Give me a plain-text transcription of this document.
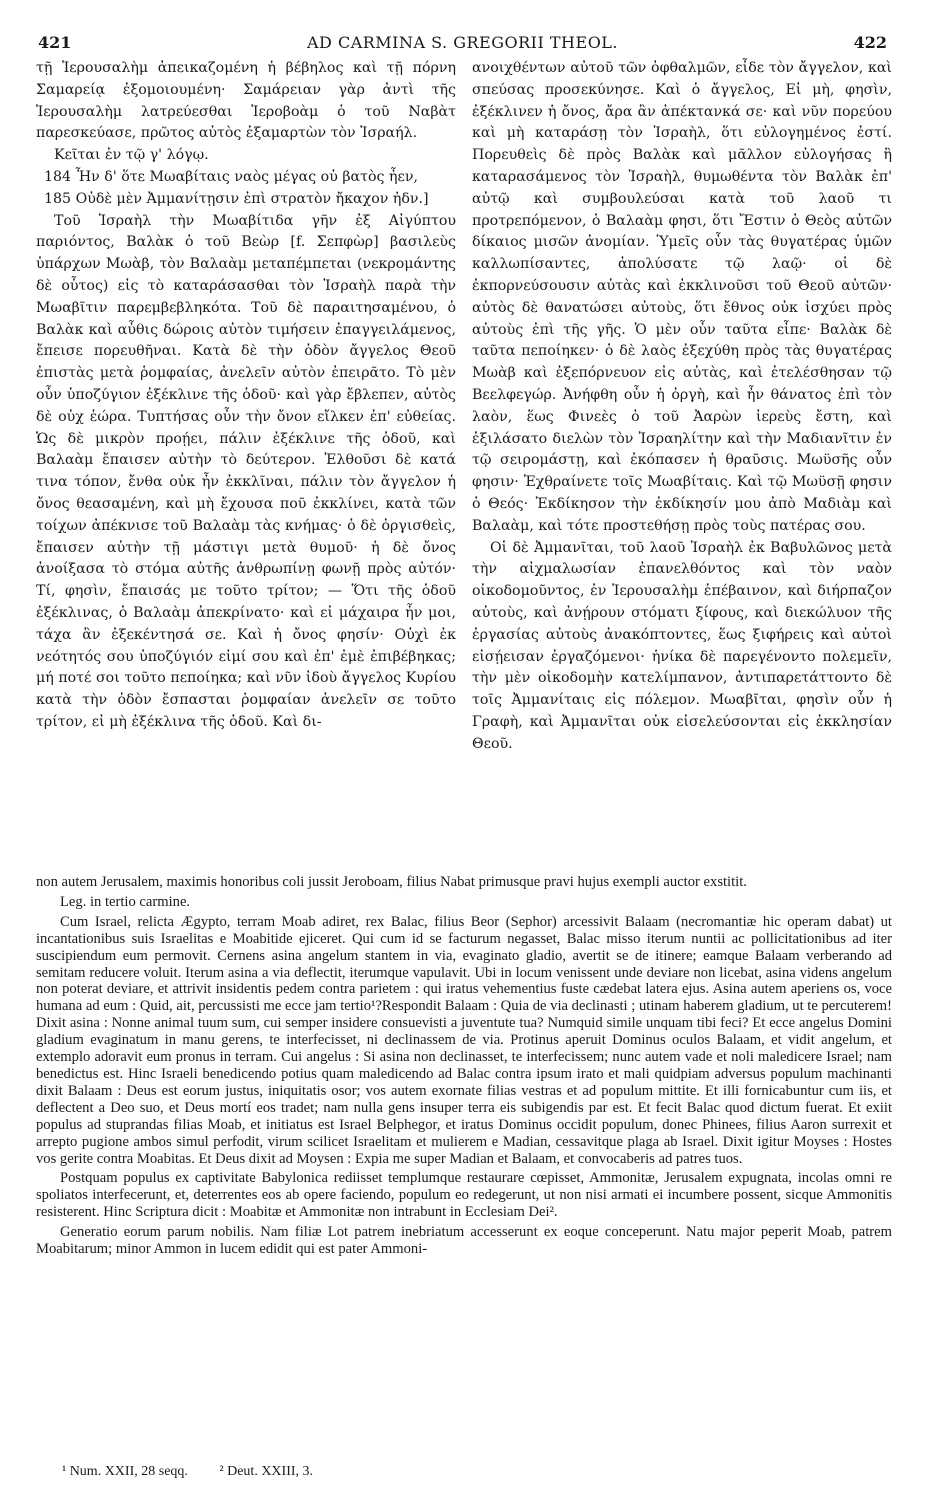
421	AD CARMINA S. GREGORII THEOL.	422

τῇ Ἱερουσαλὴμ ἀπεικαζομένη ἡ βέβηλος καὶ τῇ πόρνη Σαμαρείᾳ ἐξομοιουμένη· Σαμάρειαν γὰρ ἀντὶ τῆς Ἱερουσαλὴμ λατρεύεσθαι Ἱεροβοὰμ ὁ τοῦ Ναβὰτ παρεσκεύασε, πρῶτος αὐτὸς ἐξαμαρτὼν τὸν Ἰσραήλ.

Κεῖται ἐν τῷ γ' λόγῳ.

184 Ἦν δ' ὅτε Μωαβίταις ναὸς μέγας οὐ βατὸς ἦεν,

185 Οὐδὲ μὲν Ἀμμανίτῃσιν ἐπὶ στρατὸν ἤκαχον ἠδν.]

Τοῦ Ἰσραὴλ τὴν Μωαβίτιδα γῆν ἐξ Αἰγύπτου παριόντος, Βαλὰκ ὁ τοῦ Βεὼρ [f. Σεπφὼρ] βασιλεὺς ὑπάρχων Μωὰβ, τὸν Βαλαὰμ μεταπέμπεται (νεκρομάντης δὲ οὗτος) εἰς τὸ καταράσασθαι τὸν Ἰσραὴλ παρὰ τὴν Μωαβῖτιν παρεμβεβληκότα. Τοῦ δὲ παραιτησαμένου, ὁ Βαλὰκ καὶ αὖθις δώροις αὐτὸν τιμήσειν ἐπαγγειλάμενος, ἔπεισε πορευθῆναι. Κατὰ δὲ τὴν ὁδὸν ἄγγελος Θεοῦ ἐπιστὰς μετὰ ῥομφαίας, ἀνελεῖν αὐτὸν ἐπειρᾶτο. Τὸ μὲν οὖν ὑποζύγιον ἐξέκλινε τῆς ὁδοῦ· καὶ γὰρ ἔβλεπεν, αὐτὸς δὲ οὐχ ἑώρα. Τυπτήσας οὖν τὴν ὄνον εἴλκεν ἐπ' εὐθείας. Ὡς δὲ μικρὸν προῄει, πάλιν ἐξέκλινε τῆς ὁδοῦ, καὶ Βαλαὰμ ἔπαισεν αὐτὴν τὸ δεύτερον. Ἐλθοῦσι δὲ κατά τινα τόπον, ἔνθα οὐκ ἦν ἐκκλῖναι, πάλιν τὸν ἄγγελον ἡ ὄνος θεασαμένη, καὶ μὴ ἔχουσα ποῦ ἐκκλίνει, κατὰ τῶν τοίχων ἀπέκνισε τοῦ Βαλαὰμ τὰς κνήμας· ὁ δὲ ὀργισθεὶς, ἔπαισεν αὐτὴν τῇ μάστιγι μετὰ θυμοῦ· ἡ δὲ ὄνος ἀνοίξασα τὸ στόμα αὐτῆς ἀνθρωπίνῃ φωνῇ πρὸς αὐτόν· Τί, φησὶν, ἔπαισάς με τοῦτο τρίτον; — Ὅτι τῆς ὁδοῦ ἐξέκλινας, ὁ Βαλαὰμ ἀπεκρίνατο· καὶ εἰ μάχαιρα ἦν μοι, τάχα ἂν ἐξεκέντησά σε. Καὶ ἡ ὄνος φησίν· Οὐχὶ ἐκ νεότητός σου ὑποζύγιόν εἰμί σου καὶ ἐπ' ἐμὲ ἐπιβέβηκας; μή ποτέ σοι τοῦτο πεποίηκα; καὶ νῦν ἰδοὺ ἄγγελος Κυρίου κατὰ τὴν ὁδὸν ἔσπασται ῥομφαίαν ἀνελεῖν σε τοῦτο τρίτον, εἰ μὴ ἐξέκλινα τῆς ὁδοῦ. Καὶ δι-

ανοιχθέντων αὐτοῦ τῶν ὀφθαλμῶν, εἶδε τὸν ἄγγελον, καὶ σπεύσας προσεκύνησε. Καὶ ὁ ἄγγελος, Εἰ μὴ, φησὶν, ἐξέκλινεν ἡ ὄνος, ἄρα ἂν ἀπέκτανκά σε· καὶ νῦν πορεύου καὶ μὴ καταράσῃ τὸν Ἰσραὴλ, ὅτι εὐλογημένος ἐστί. Πορευθεὶς δὲ πρὸς Βαλὰκ καὶ μᾶλλον εὐλογήσας ἢ καταρασάμενος τὸν Ἰσραὴλ, θυμωθέντα τὸν Βαλὰκ ἐπ' αὐτῷ καὶ συμβουλεύσαι κατὰ τοῦ λαοῦ τι προτρεπόμενον, ὁ Βαλαὰμ φησι, ὅτι Ἔστιν ὁ Θεὸς αὐτῶν δίκαιος μισῶν ἀνομίαν. Ὑμεῖς οὖν τὰς θυγατέρας ὑμῶν καλλωπίσαντες, ἀπολύσατε τῷ λαῷ· οἱ δὲ ἐκπορνεύσουσιν αὐτὰς καὶ ἐκκλινοῦσι τοῦ Θεοῦ αὐτῶν· αὐτὸς δὲ θανατώσει αὐτοὺς, ὅτι ἔθνος οὐκ ἰσχύει πρὸς αὐτοὺς ἐπὶ τῆς γῆς. Ὁ μὲν οὖν ταῦτα εἶπε· Βαλὰκ δὲ ταῦτα πεποίηκεν· ὁ δὲ λαὸς ἐξεχύθη πρὸς τὰς θυγατέρας Μωὰβ καὶ ἐξεπόρνευον εἰς αὐτὰς, καὶ ἐτελέσθησαν τῷ Βεελφεγώρ. Ἀνήφθη οὖν ἡ ὀργὴ, καὶ ἦν θάνατος ἐπὶ τὸν λαὸν, ἕως Φινεὲς ὁ τοῦ Ἀαρὼν ἱερεὺς ἔστη, καὶ ἐξιλάσατο διελὼν τὸν Ἰσραηλίτην καὶ τὴν Μαδιανῖτιν ἐν τῷ σειρομάστῃ, καὶ ἐκόπασεν ἡ θραῦσις. Μωϋσῆς οὖν φησιν· Ἐχθραίνετε τοῖς Μωαβίταις. Καὶ τῷ Μωϋσῇ φησιν ὁ Θεός· Ἐκδίκησον τὴν ἐκδίκησίν μου ἀπὸ Μαδιὰμ καὶ Βαλαὰμ, καὶ τότε προστεθήσῃ πρὸς τοὺς πατέρας σου.

Οἱ δὲ Ἀμμανῖται, τοῦ λαοῦ Ἰσραὴλ ἐκ Βαβυλῶνος μετὰ τὴν αἰχμαλωσίαν ἐπανελθόντος καὶ τὸν ναὸν οἰκοδομοῦντος, ἐν Ἱερουσαλὴμ ἐπέβαινον, καὶ διήρπαζον αὐτοὺς, καὶ ἀνῄρουν στόματι ξίφους, καὶ διεκώλυον τῆς ἐργασίας αὐτοὺς ἀνακόπτοντες, ἕως ξιφήρεις καὶ αὐτοὶ εἰσῄεισαν ἐργαζόμενοι· ἡνίκα δὲ παρεγένοντο πολεμεῖν, τὴν μὲν οἰκοδομὴν κατελίμπανον, ἀντιπαρετάττοντο δὲ τοῖς Ἀμμανίταις εἰς πόλεμον. Μωαβῖται, φησὶν οὖν ἡ Γραφὴ, καὶ Ἀμμανῖται οὐκ εἰσελεύσονται εἰς ἐκκλησίαν Θεοῦ.

non autem Jerusalem, maximis honoribus coli jussit Jeroboam, filius Nabat primusque pravi hujus exempli auctor exstitit.

Leg. in tertio carmine.

Cum Israel, relicta Ægypto, terram Moab adiret, rex Balac, filius Beor (Sephor) arcessivit Balaam (necromantiæ hic operam dabat) ut incantationibus suis Israelitas e Moabitide ejiceret. Qui cum id se facturum negasset, Balac misso iterum nuntii ac pollicitationibus ad iter suscipiendum eum permovit. Cernens asina angelum stantem in via, evaginato gladio, avertit se de itinere; eamque Balaam verberando ad semitam reducere voluit. Iterum asina a via deflectit, iterumque vapulavit. Ubi in locum venissent unde deviare non licebat, asina videns angelum non poterat deviare, et attrivit insidentis pedem contra parietem : qui iratus vehementius fuste cædebat latera ejus. Asina autem aperiens os, voce humana ad eum : Quid, ait, percussisti me ecce jam tertio¹?Respondit Balaam : Quia de via declinasti ; utinam haberem gladium, ut te percuterem! Dixit asina : Nonne animal tuum sum, cui semper insidere consuevisti a juventute tua? Numquid simile unquam tibi feci? Et ecce angelus Domini gladium evaginatum in manu gerens, te interfecisset, ni declinassem de via. Protinus aperuit Dominus oculos Balaam, et vidit angelum, et extemplo adoravit eum pronus in terram. Cui angelus : Si asina non declinasset, te interfecissem; nunc autem vade et noli maledicere Israel; nam benedictus est. Hinc Israeli benedicendo potius quam maledicendo ad Balac contra ipsum irato et mali quidpiam adversus populum machinanti dixit Balaam : Deus est eorum justus, iniquitatis osor; vos autem exornate filias vestras et ad populum mittite. Et illi fornicabuntur cum iis, et deflectent a Deo suo, et Deus mortí eos tradet; nam nulla gens insuper terra eis subigendis par est. Et fecit Balac quod dictum fuerat. Et exiit populus ad stuprandas filias Moab, et initiatus est Israel Belphegor, et iratus Dominus occidit populum, donec Phinees, filius Aaron surrexit et arrepto pugione ambos simul perfodit, virum scilicet Israelitam et mulierem e Madian, cessavitque plaga ab Israel. Dixit igitur Moyses : Hostes vos gerite contra Moabitas. Et Deus dixit ad Moysen : Expia me super Madian et Balaam, et convocaberis ad patres tuos.

Postquam populus ex captivitate Babylonica rediisset templumque restaurare cœpisset, Ammonitæ, Jerusalem expugnata, incolas omni re spoliatos interfecerunt, et, deterrentes eos ab opere faciendo, populum eo redegerunt, ut non nisi armati ei incumbere possent, sicque Ammonitis resisterent. Hinc Scriptura dicit : Moabitæ et Ammonitæ non intrabunt in Ecclesiam Dei².

Generatio eorum parum nobilis. Nam filiæ Lot patrem inebriatum accesserunt ex eoque conceperunt. Natu major peperit Moab, patrem Moabitarum; minor Ammon in lucem edidit qui est pater Ammoni-

¹ Num. XXII, 28 seqq. ² Deut. XXIII, 3.
